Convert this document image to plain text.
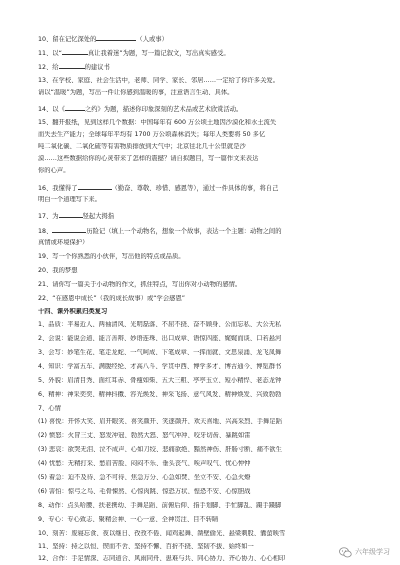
10、留在记忆深处的	（人或事）
11、以“	真让我着迷”为题，写一篇记叙文，写出真实感受。
12、给	的建议书
13、在学校、家庭、社会生活中，老师、同学、家长、邻居……一定给了你许多关爱。
请以“温暖”为题，写出一件让你感到温暖的事，注意语言生动、具体。
14、以《	之约》为题，描述你印象深刻的艺术品或艺术欣赏活动。
15、翻开报纸，见到这样几个数据：中国每年有 600 万公顷土地因沙漠化和水土流失
而失去生产能力；全球每年平均有 1700 万公顷森林消失；每年人类要将 50 多亿
吨二氧化碳、二氧化硫等有害物质排放到大气中；北京往北几十公里就是沙
漠……这些数据给你的心灵带来了怎样的震撼？请自拟题目，写一篇作文来表达
你的心声。
16、我懂得了	（勤奋、尊敬、珍惜、感恩等），通过一件具体的事，将自己
明白一个道理写下来。
17、为	竖起大拇指
18、	历险记（填上一个动物名，想象一个故事，表达一个主题：动物之间的
真情或环境保护）
19、写一个你熟悉的小伙伴，写出他的特点或品质。
20、我的梦想
21、请你写一篇关于小动物的作文，抓住特点，写出你对小动物的感情。
22、“在感恩中成长”（我的成长故事）或“学会感恩”
十四、课外积累归类复习
1、品质：平易近人、两袖清风、光明磊落、不屈不挠、奋不顾身、公而忘私、大公无私
2、会说：能说会道、能言善辩、妙语连珠、出口成章、语惊四座、娓娓而谈、口若悬河
3、会写：妙笔生花、笔走龙蛇、一气呵成、下笔成章、一挥而就、文思泉涌、龙飞凤舞
4、知识：学富五车、满腹经纶、才高八斗、学贯中西、博学多才、博古通今、博览群书
5、外貌：眉清目秀、面红耳赤、骨瘦如柴、五大三粗、亭亭玉立、短小精悍、老态龙钟
6、精神：神采奕奕、精神抖擞、容光焕发、神采飞扬、意气风发、精神焕发、兴致勃勃
7、心情
(1) 喜悦：开怀大笑、眉开眼笑、喜笑颜开、笑逐颜开、欢天喜地、兴高采烈、手舞足蹈
(2) 愤怒：火冒三丈、怒发冲冠、勃然大怒、怒气冲冲、咬牙切齿、暴跳如雷
(3) 悲哀：欲哭无泪、泣不成声、心如刀绞、悲痛欲绝、黯然神伤、肝肠寸断、痛不欲生
(4) 忧愁：无精打采、愁眉苦脸、闷闷不乐、垂头丧气、唉声叹气、忧心忡忡
(5) 着急：迫不及待、急不可待、焦急万分、心急如焚、坐立不安、心急火燎
(6) 害怕：惊弓之鸟、毛骨悚然、心惊肉跳、惊恐万状、惶恐不安、心惊胆战
8、动作：点头哈腰、扶老携幼、手舞足蹈、前俯后仰、指手划脚、手忙脚乱、蹑手蹑脚
9、专心：专心致志、聚精会神、一心一意、全神贯注、目不转睛
10、刻苦：废寝忘食、夜以继日、孜孜不倦、闻鸡起舞、凿壁偷光、悬梁刺股、囊萤映雪
11、坚持：持之以恒、锲而不舍、坚持不懈、百折不挠、坚韧不拔、始终如一
12、合作：手足情深、志同道合、风雨同舟、患难与共、同心协力、齐心协力、心心相印
六年级学习
